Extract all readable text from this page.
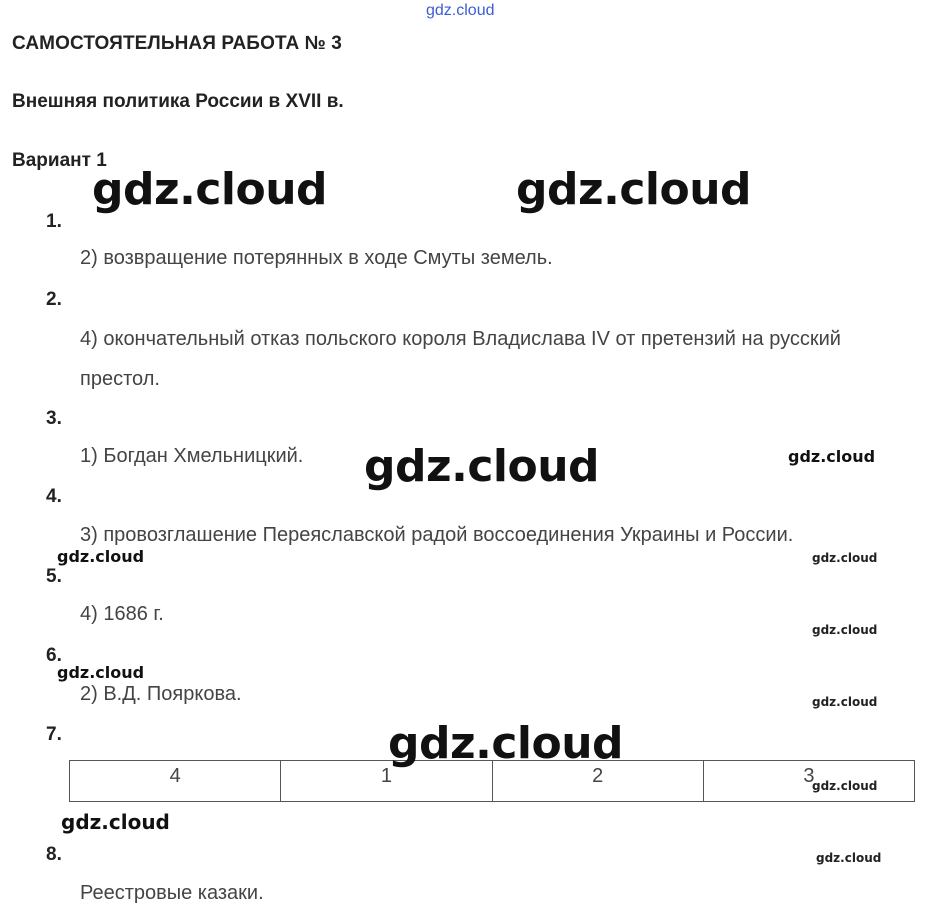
gdz.cloud
САМОСТОЯТЕЛЬНАЯ РАБОТА № 3
Внешняя политика России в XVII в.
Вариант 1
1.
2) возвращение потерянных в ходе Смуты земель.
2.
4) окончательный отказ польского короля Владислава IV от претензий на русский престол.
3.
1) Богдан Хмельницкий.
4.
3) провозглашение Переяславской радой воссоединения Украины и России.
5.
4) 1686 г.
6.
2) В.Д. Пояркова.
7.
4	1	2	3
8.
Реестровые казаки.
gdz.cloud	gdz.cloud
gdz.cloud
gdz.cloud
gdz.cloud
gdz.cloud
gdz.cloud
gdz.cloud
gdz.cloud
gdz.cloud
gdz.cloud
gdz.cloud
gdz.cloud
